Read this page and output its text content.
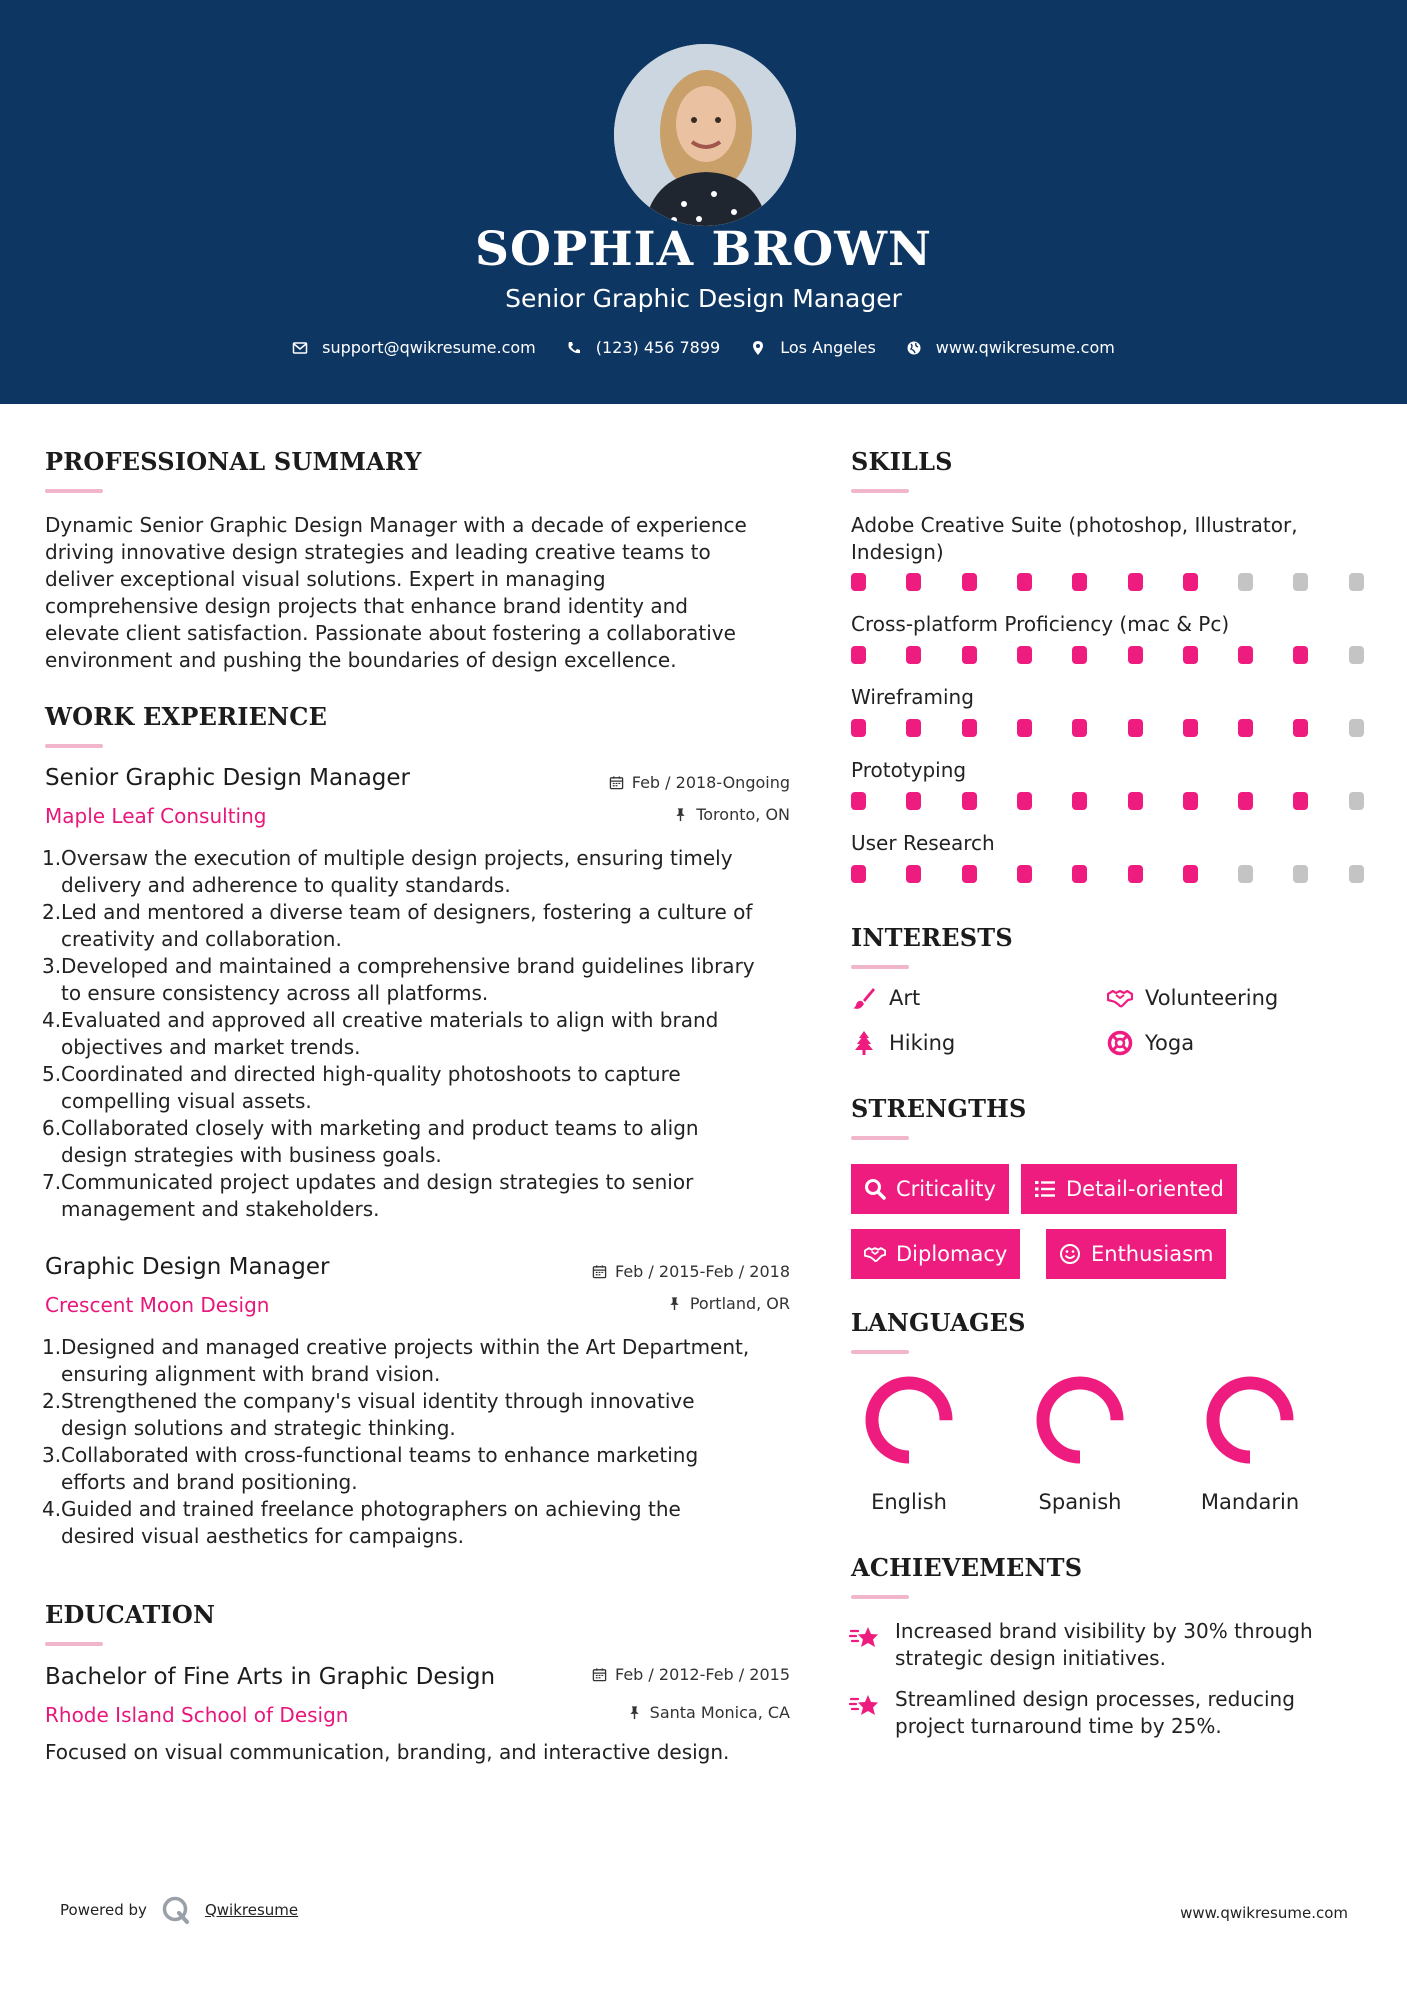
SOPHIA BROWN
Senior Graphic Design Manager
support@qwikresume.com	(123) 456 7899	Los Angeles	www.qwikresume.com
PROFESSIONAL SUMMARY
Dynamic Senior Graphic Design Manager with a decade of experience
driving innovative design strategies and leading creative teams to
deliver exceptional visual solutions. Expert in managing
comprehensive design projects that enhance brand identity and
elevate client satisfaction. Passionate about fostering a collaborative
environment and pushing the boundaries of design excellence.
WORK EXPERIENCE
Senior Graphic Design Manager
Maple Leaf Consulting
Feb / 2018-Ongoing
Toronto, ON
1. Oversaw the execution of multiple design projects, ensuring timely
delivery and adherence to quality standards.
2. Led and mentored a diverse team of designers, fostering a culture of
creativity and collaboration.
3. Developed and maintained a comprehensive brand guidelines library
to ensure consistency across all platforms.
4. Evaluated and approved all creative materials to align with brand
objectives and market trends.
5. Coordinated and directed high-quality photoshoots to capture
compelling visual assets.
6. Collaborated closely with marketing and product teams to align
design strategies with business goals.
7. Communicated project updates and design strategies to senior
management and stakeholders.
Graphic Design Manager
Crescent Moon Design
Feb / 2015-Feb / 2018
Portland, OR
1. Designed and managed creative projects within the Art Department,
ensuring alignment with brand vision.
2. Strengthened the company's visual identity through innovative
design solutions and strategic thinking.
3. Collaborated with cross-functional teams to enhance marketing
efforts and brand positioning.
4. Guided and trained freelance photographers on achieving the
desired visual aesthetics for campaigns.
EDUCATION
Bachelor of Fine Arts in Graphic Design
Rhode Island School of Design
Feb / 2012-Feb / 2015
Santa Monica, CA
Focused on visual communication, branding, and interactive design.
SKILLS
Adobe Creative Suite (photoshop, Illustrator,
Indesign)
Cross-platform Proficiency (mac & Pc)
Wireframing
Prototyping
User Research
INTERESTS
Art	Volunteering
Hiking	Yoga
STRENGTHS
Criticality	Detail-oriented
Diplomacy	Enthusiasm
LANGUAGES
English	Spanish	Mandarin
ACHIEVEMENTS
Increased brand visibility by 30% through
strategic design initiatives.
Streamlined design processes, reducing
project turnaround time by 25%.
Powered by	Qwikresume	www.qwikresume.com
